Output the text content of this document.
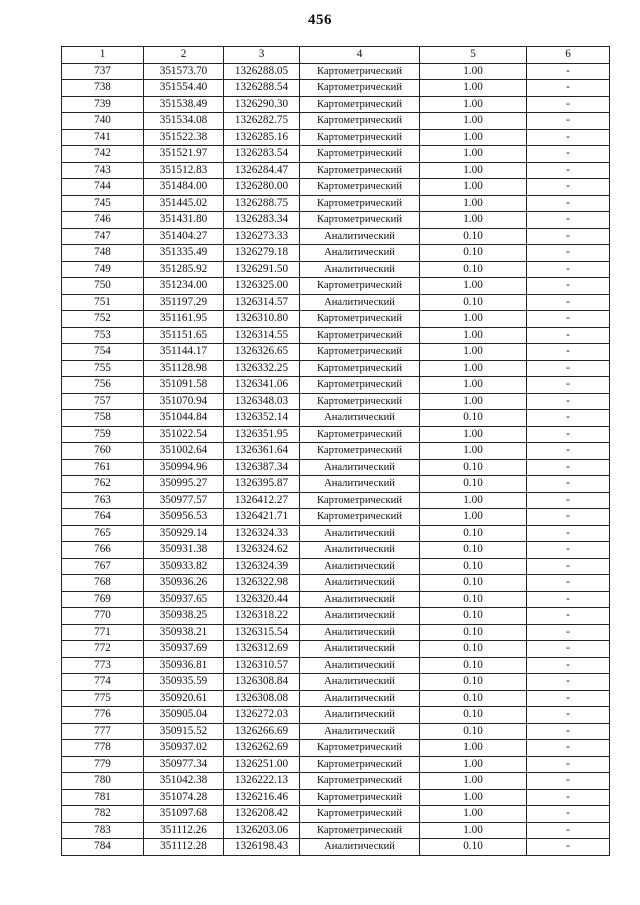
456
1	2	3	4	5	6
737	351573.70	1326288.05	Картометрический	1.00	-
738	351554.40	1326288.54	Картометрический	1.00	-
739	351538.49	1326290.30	Картометрический	1.00	-
740	351534.08	1326282.75	Картометрический	1.00	-
741	351522.38	1326285.16	Картометрический	1.00	-
742	351521.97	1326283.54	Картометрический	1.00	-
743	351512.83	1326284.47	Картометрический	1.00	-
744	351484.00	1326280.00	Картометрический	1.00	-
745	351445.02	1326288.75	Картометрический	1.00	-
746	351431.80	1326283.34	Картометрический	1.00	-
747	351404.27	1326273.33	Аналитический	0.10	-
748	351335.49	1326279.18	Аналитический	0.10	-
749	351285.92	1326291.50	Аналитический	0.10	-
750	351234.00	1326325.00	Картометрический	1.00	-
751	351197.29	1326314.57	Аналитический	0.10	-
752	351161.95	1326310.80	Картометрический	1.00	-
753	351151.65	1326314.55	Картометрический	1.00	-
754	351144.17	1326326.65	Картометрический	1.00	-
755	351128.98	1326332.25	Картометрический	1.00	-
756	351091.58	1326341.06	Картометрический	1.00	-
757	351070.94	1326348.03	Картометрический	1.00	-
758	351044.84	1326352.14	Аналитический	0.10	-
759	351022.54	1326351.95	Картометрический	1.00	-
760	351002.64	1326361.64	Картометрический	1.00	-
761	350994.96	1326387.34	Аналитический	0.10	-
762	350995.27	1326395.87	Аналитический	0.10	-
763	350977.57	1326412.27	Картометрический	1.00	-
764	350956.53	1326421.71	Картометрический	1.00	-
765	350929.14	1326324.33	Аналитический	0.10	-
766	350931.38	1326324.62	Аналитический	0.10	-
767	350933.82	1326324.39	Аналитический	0.10	-
768	350936.26	1326322.98	Аналитический	0.10	-
769	350937.65	1326320.44	Аналитический	0.10	-
770	350938.25	1326318.22	Аналитический	0.10	-
771	350938.21	1326315.54	Аналитический	0.10	-
772	350937.69	1326312.69	Аналитический	0.10	-
773	350936.81	1326310.57	Аналитический	0.10	-
774	350935.59	1326308.84	Аналитический	0.10	-
775	350920.61	1326308.08	Аналитический	0.10	-
776	350905.04	1326272.03	Аналитический	0.10	-
777	350915.52	1326266.69	Аналитический	0.10	-
778	350937.02	1326262.69	Картометрический	1.00	-
779	350977.34	1326251.00	Картометрический	1.00	-
780	351042.38	1326222.13	Картометрический	1.00	-
781	351074.28	1326216.46	Картометрический	1.00	-
782	351097.68	1326208.42	Картометрический	1.00	-
783	351112.26	1326203.06	Картометрический	1.00	-
784	351112.28	1326198.43	Аналитический	0.10	-
